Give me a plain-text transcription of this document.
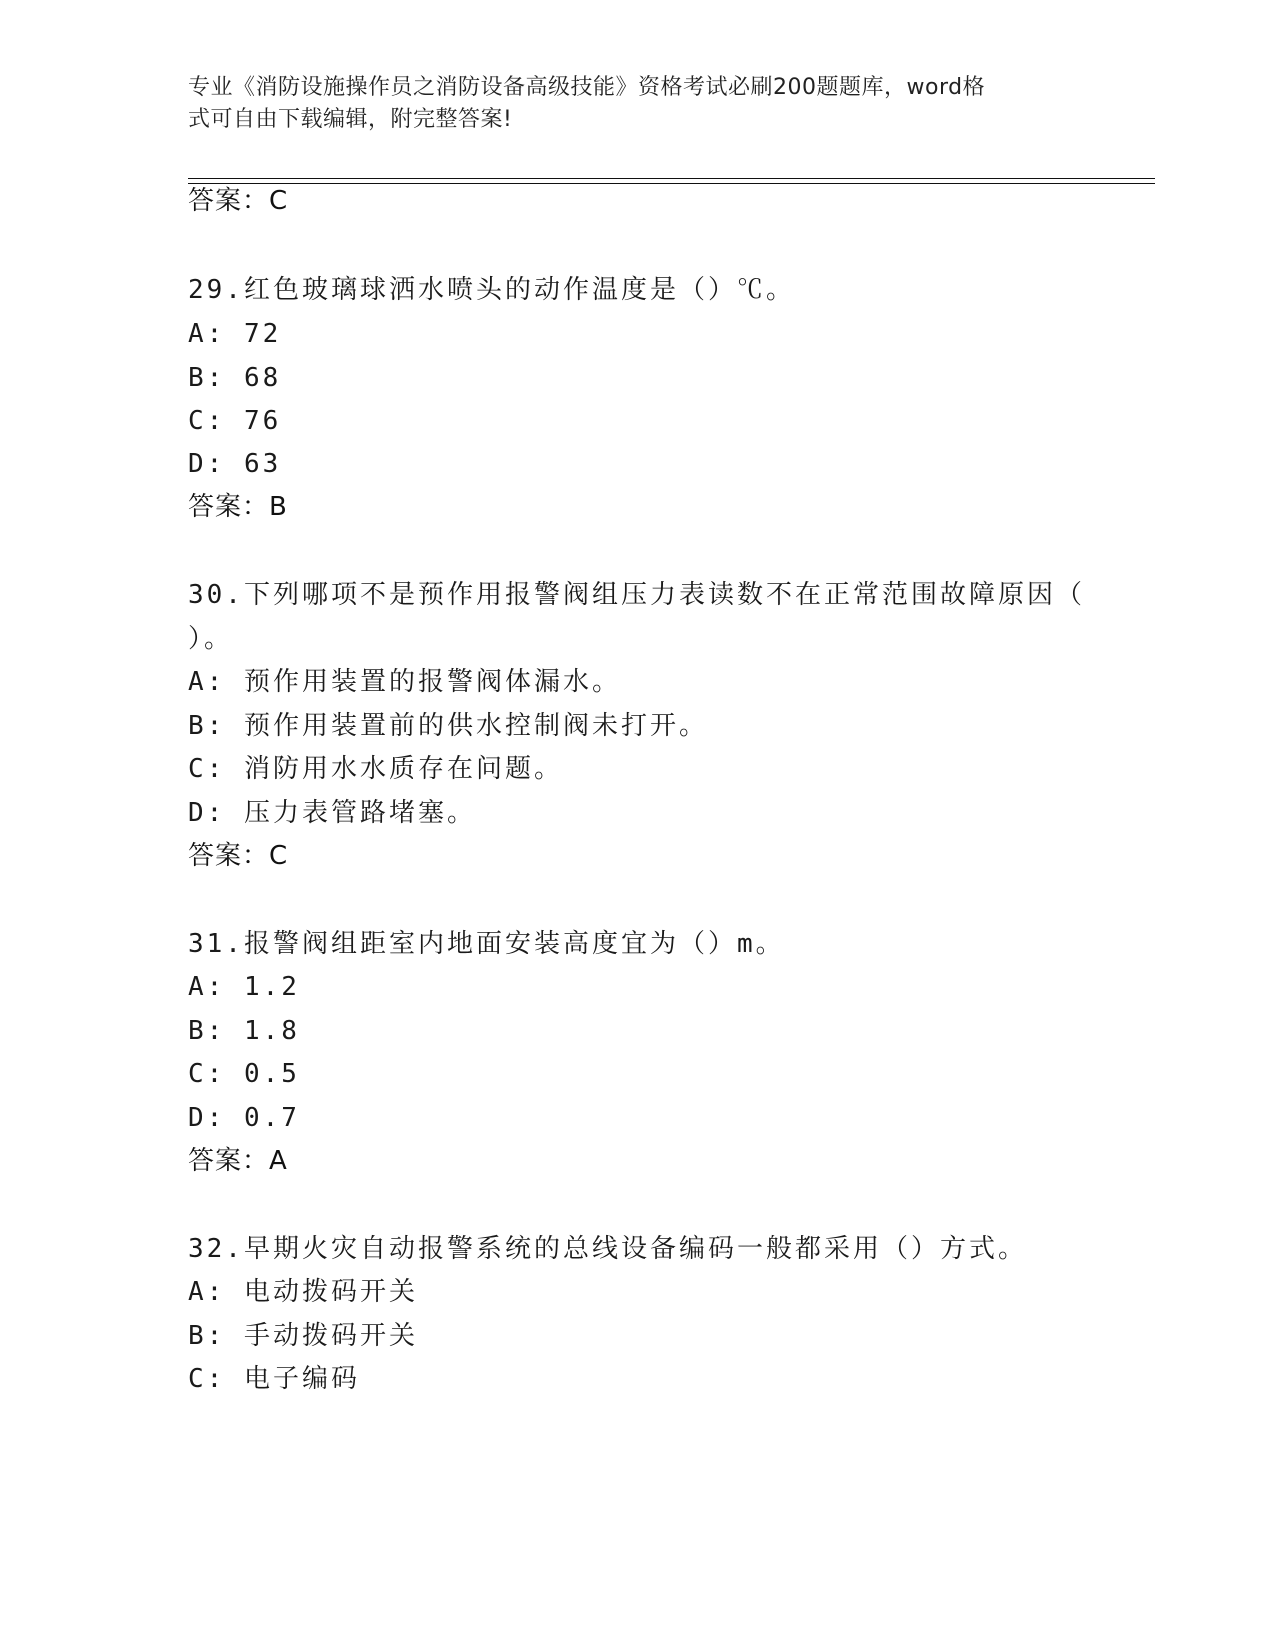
专业《消防设施操作员之消防设备高级技能》资格考试必刷200题题库，word格
式可自由下载编辑，附完整答案!
答案：C
29.红色玻璃球洒水喷头的动作温度是（）℃。
A: 72
B: 68
C: 76
D: 63
答案：B
30.下列哪项不是预作用报警阀组压力表读数不在正常范围故障原因（
）。
A: 预作用装置的报警阀体漏水。
B: 预作用装置前的供水控制阀未打开。
C: 消防用水水质存在问题。
D: 压力表管路堵塞。
答案：C
31.报警阀组距室内地面安装高度宜为（）m。
A: 1.2
B: 1.8
C: 0.5
D: 0.7
答案：A
32.早期火灾自动报警系统的总线设备编码一般都采用（）方式。
A: 电动拨码开关
B: 手动拨码开关
C: 电子编码
